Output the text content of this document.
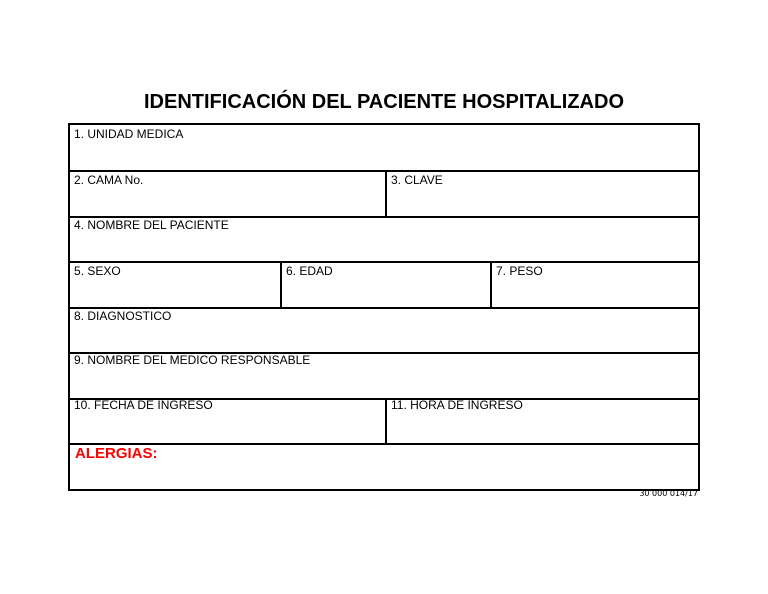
IDENTIFICACIÓN DEL PACIENTE HOSPITALIZADO
1. UNIDAD MEDICA
2. CAMA No.	3. CLAVE
4. NOMBRE DEL PACIENTE
5. SEXO	6. EDAD	7. PESO
8. DIAGNOSTICO
9. NOMBRE DEL MEDICO RESPONSABLE
10. FECHA DE INGRESO	11. HORA DE INGRESO
ALERGIAS:
30 000 014/17
